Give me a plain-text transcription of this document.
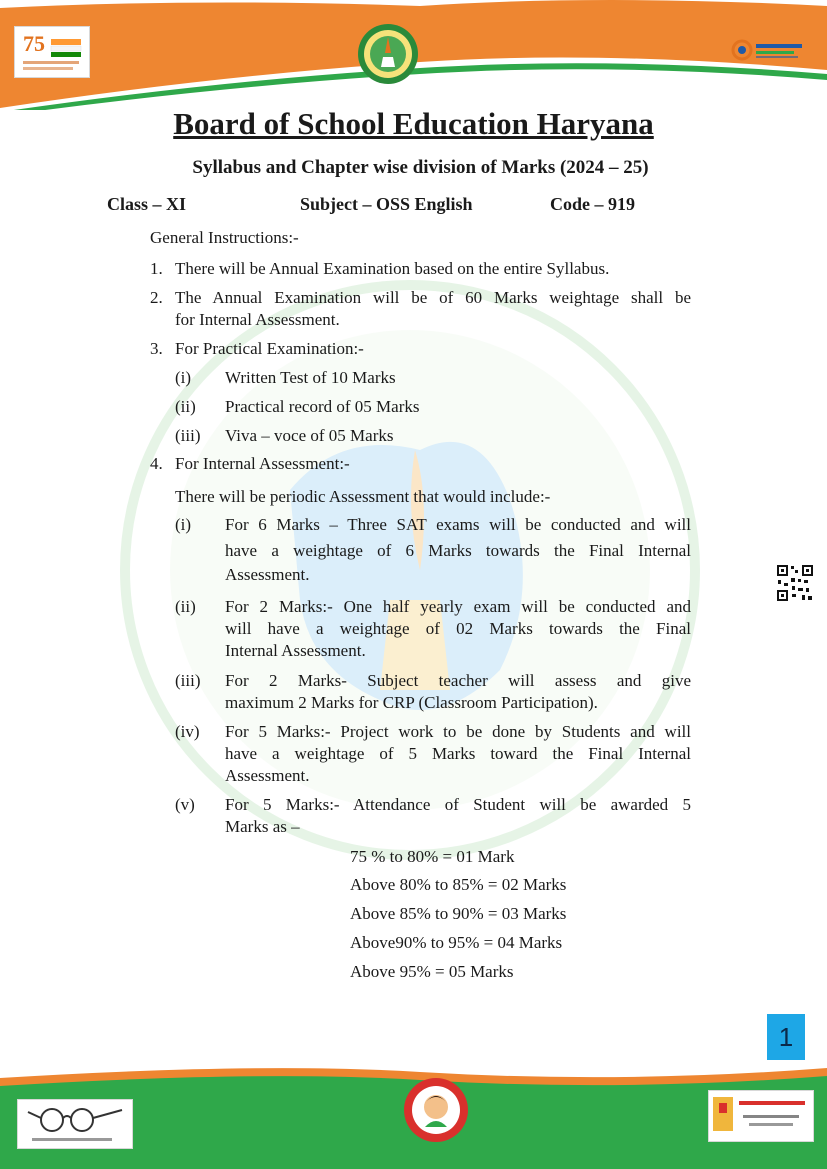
75
Board of School Education Haryana
Syllabus and Chapter wise division of Marks (2024 – 25)
Class – XI	Subject – OSS English	Code – 919
General Instructions:-
1. There will be Annual Examination based on the entire Syllabus.
2. The Annual Examination will be of 60 Marks weightage shall be
for Internal Assessment.
3. For Practical Examination:-
(i) Written Test of 10 Marks
(ii) Practical record of 05 Marks
(iii) Viva – voce of 05 Marks
4. For Internal Assessment:-
There will be periodic Assessment that would include:-
(i) For 6 Marks – Three SAT exams will be conducted and will
have a weightage of 6 Marks towards the Final Internal
Assessment.
(ii) For 2 Marks:- One half yearly exam will be conducted and
will have a weightage of 02 Marks towards the Final
Internal Assessment.
(iii) For 2 Marks- Subject teacher will assess and give
maximum 2 Marks for CRP (Classroom Participation).
(iv) For 5 Marks:- Project work to be done by Students and will
have a weightage of 5 Marks toward the Final Internal
Assessment.
(v) For 5 Marks:- Attendance of Student will be awarded 5
Marks as –
75 % to 80% = 01 Mark
Above 80% to 85% = 02 Marks
Above 85% to 90% = 03 Marks
Above90% to 95% = 04 Marks
Above 95% = 05 Marks
1
